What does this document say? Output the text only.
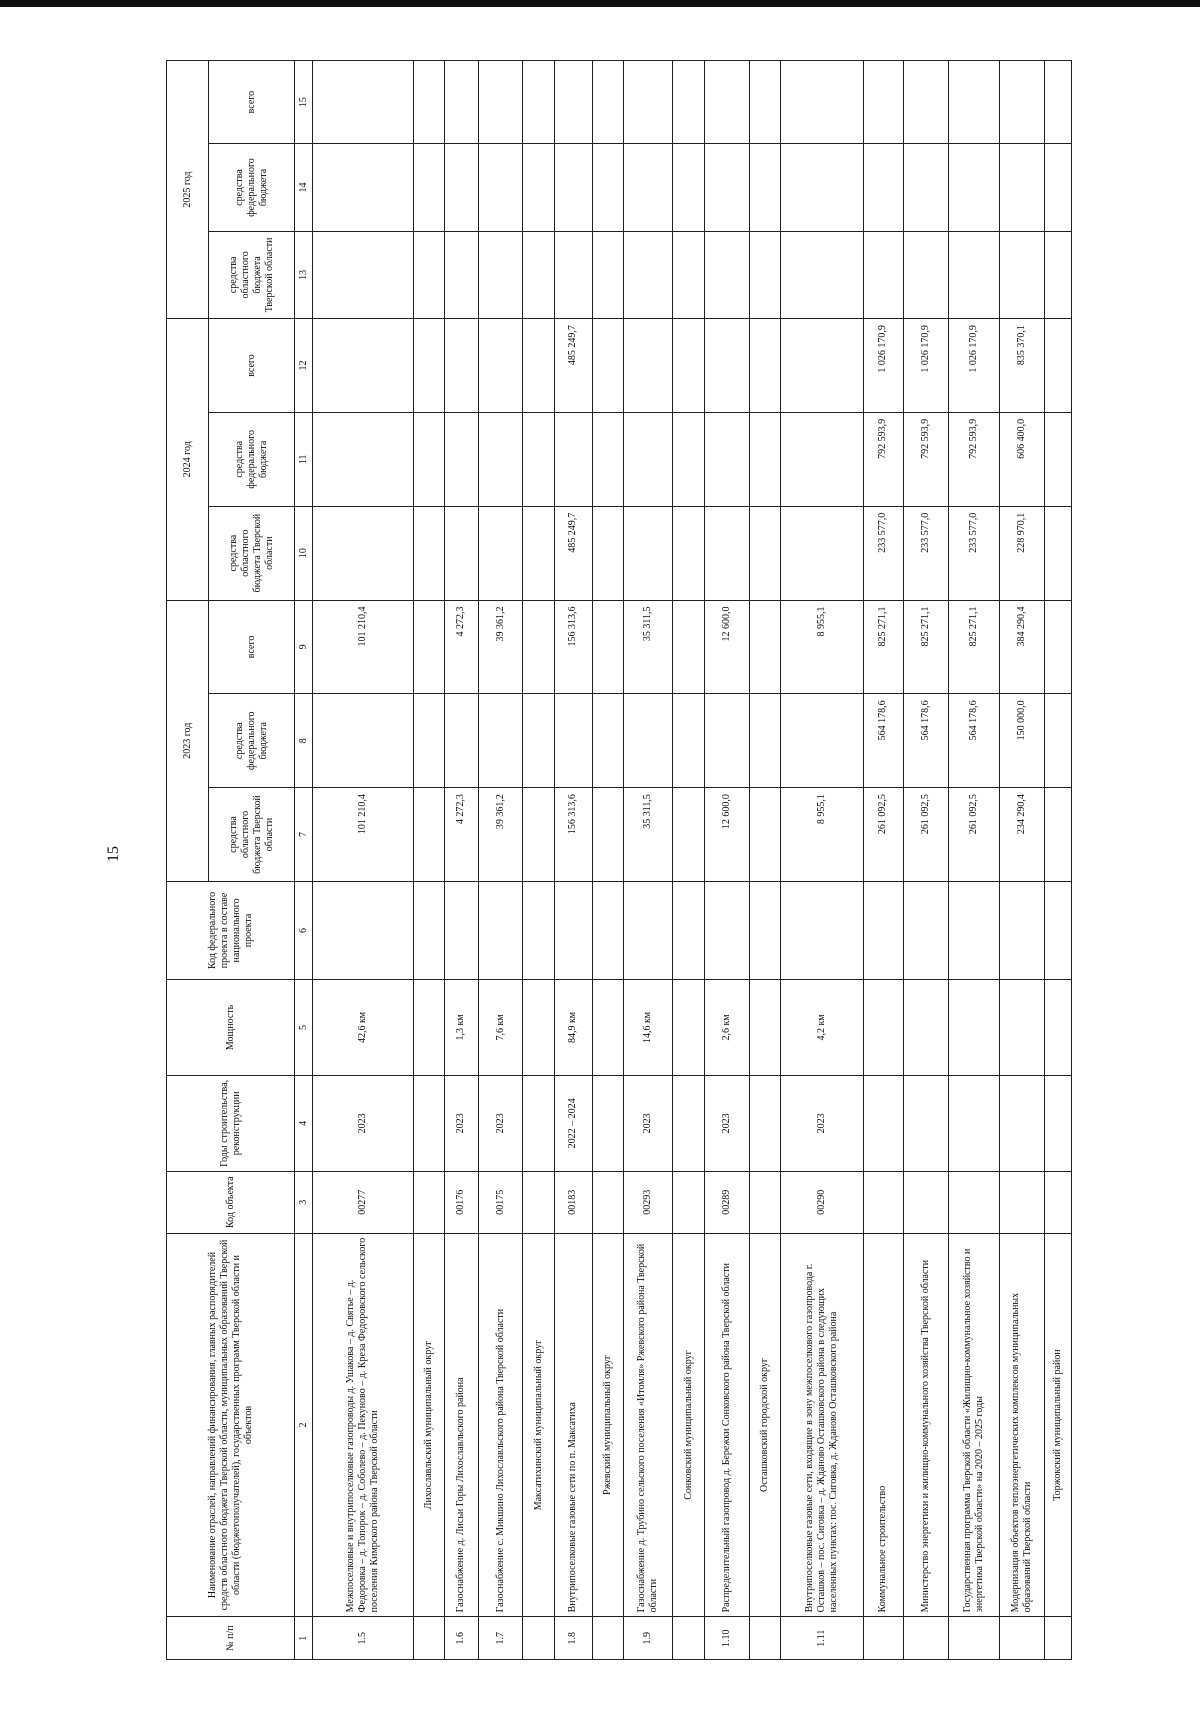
15
№ п/п	Наименование отраслей, направлений финансирования, главных распорядителей средств областного бюджета Тверской области, муниципальных образований Тверской области (бюджетополучателей), государственных программ Тверской области и объектов	Код объекта	Годы строительства, реконструкции	Мощность	Код федерального проекта в составе национального проекта	2023 год			2024 год			2025 год		
						средства областного бюджета Тверской области	средства федерального бюджета	всего	средства областного бюджета Тверской области	средства федерального бюджета	всего	средства областного бюджета Тверской области	средства федерального бюджета	всего
1	2	3	4	5	6	7	8	9	10	11	12	13	14	15
1.5	Межпоселковые и внутрипоселковые газопроводы д. Ушакова – д. Святье – д. Федоровка – д. Топорок – д. Соболево – д. Пекуново – д. Креза Федоровского сельского поселения Кимрского района Тверской области	00277	2023	42,6 км		101 210,4		101 210,4						
	Лихославльский муниципальный округ													
1.6	Газоснабжение д. Лисьи Горы Лихославльского района	00176	2023	1,3 км		4 272,3		4 272,3						
1.7	Газоснабжение с. Микшино Лихославльского района Тверской области	00175	2023	7,6 км		39 361,2		39 361,2						
	Максатихинский муниципальный округ													
1.8	Внутрипоселковые газовые сети по п. Максатиха	00183	2022 – 2024	84,9 км		156 313,6		156 313,6	485 249,7		485 249,7			
	Ржевский муниципальный округ													
1.9	Газоснабжение д. Трубино сельского поселения «Итомля» Ржевского района Тверской области	00293	2023	14,6 км		35 311,5		35 311,5						
	Сонковский муниципальный округ													
1.10	Распределительный газопровод д. Бережки Сонковского района Тверской области	00289	2023	2,6 км		12 600,0		12 600,0						
	Осташковский городской округ													
1.11	Внутрипоселковые газовые сети, входящие в зону межпоселкового газопровода г. Осташков – пос. Сиговка – д. Жданово Осташковского района в следующих населенных пунктах: пос. Сиговка, д. Жданово Осташковского района	00290	2023	4,2 км		8 955,1		8 955,1						
	Коммунальное строительство					261 092,5	564 178,6	825 271,1	233 577,0	792 593,9	1 026 170,9			
	Министерство энергетики и жилищно-коммунального хозяйства Тверской области					261 092,5	564 178,6	825 271,1	233 577,0	792 593,9	1 026 170,9			
	Государственная программа Тверской области «Жилищно-коммунальное хозяйство и энергетика Тверской области» на 2020 – 2025 годы					261 092,5	564 178,6	825 271,1	233 577,0	792 593,9	1 026 170,9			
	Модернизация объектов теплоэнергетических комплексов муниципальных образований Тверской области					234 290,4	150 000,0	384 290,4	228 970,1	606 400,0	835 370,1			
	Торжокский муниципальный район													
